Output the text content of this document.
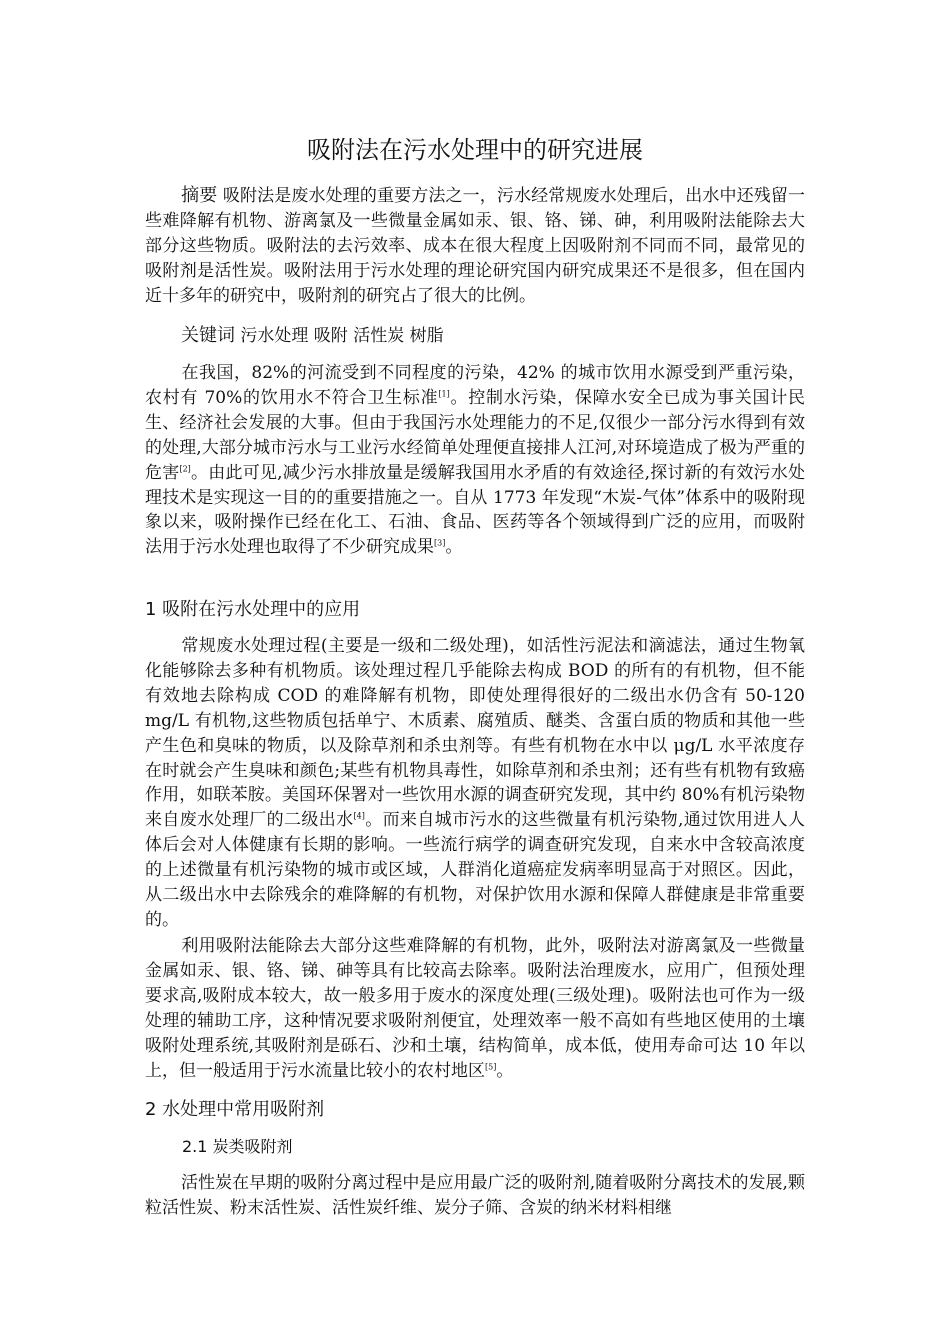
吸附法在污水处理中的研究进展

摘要 吸附法是废水处理的重要方法之一，污水经常规废水处理后，出水中还残留一些难降解有机物、游离氯及一些微量金属如汞、银、铬、锑、砷，利用吸附法能除去大部分这些物质。吸附法的去污效率、成本在很大程度上因吸附剂不同而不同，最常见的吸附剂是活性炭。吸附法用于污水处理的理论研究国内研究成果还不是很多，但在国内近十多年的研究中，吸附剂的研究占了很大的比例。

关键词 污水处理 吸附 活性炭 树脂

在我国，82%的河流受到不同程度的污染，42% 的城市饮用水源受到严重污染， 农村有 70%的饮用水不符合卫生标准[1]。控制水污染，保障水安全已成为事关国计民生、经济社会发展的大事。但由于我国污水处理能力的不足,仅很少一部分污水得到有效的处理,大部分城市污水与工业污水经简单处理便直接排人江河,对环境造成了极为严重的危害[2]。由此可见,减少污水排放量是缓解我国用水矛盾的有效途径,探讨新的有效污水处理技术是实现这一目的的重要措施之一。自从 1773 年发现“木炭-气体”体系中的吸附现象以来，吸附操作已经在化工、石油、食品、医药等各个领域得到广泛的应用，而吸附法用于污水处理也取得了不少研究成果[3]。

1 吸附在污水处理中的应用

常规废水处理过程(主要是一级和二级处理)，如活性污泥法和滴滤法，通过生物氧化能够除去多种有机物质。该处理过程几乎能除去构成 BOD 的所有的有机物，但不能有效地去除构成 COD 的难降解有机物，即使处理得很好的二级出水仍含有 50-120 mg/L 有机物,这些物质包括单宁、木质素、腐殖质、醚类、含蛋白质的物质和其他一些产生色和臭味的物质，以及除草剂和杀虫剂等。有些有机物在水中以 μg/L 水平浓度存在时就会产生臭味和颜色;某些有机物具毒性，如除草剂和杀虫剂；还有些有机物有致癌作用，如联苯胺。美国环保署对一些饮用水源的调查研究发现，其中约 80%有机污染物来自废水处理厂的二级出水[4]。而来自城市污水的这些微量有机污染物,通过饮用进人人体后会对人体健康有长期的影响。一些流行病学的调查研究发现，自来水中含较高浓度的上述微量有机污染物的城市或区域，人群消化道癌症发病率明显高于对照区。因此，从二级出水中去除残余的难降解的有机物，对保护饮用水源和保障人群健康是非常重要的。

利用吸附法能除去大部分这些难降解的有机物，此外，吸附法对游离氯及一些微量金属如汞、银、铬、锑、砷等具有比较高去除率。吸附法治理废水，应用广，但预处理要求高,吸附成本较大，故一般多用于废水的深度处理(三级处理)。吸附法也可作为一级处理的辅助工序，这种情况要求吸附剂便宜，处理效率一般不高如有些地区使用的土壤吸附处理系统,其吸附剂是砾石、沙和土壤，结构简单，成本低，使用寿命可达 10 年以上，但一般适用于污水流量比较小的农村地区[5]。

2 水处理中常用吸附剂
2.1 炭类吸附剂

活性炭在早期的吸附分离过程中是应用最广泛的吸附剂,随着吸附分离技术的发展,颗粒活性炭、粉末活性炭、活性炭纤维、炭分子筛、含炭的纳米材料相继
